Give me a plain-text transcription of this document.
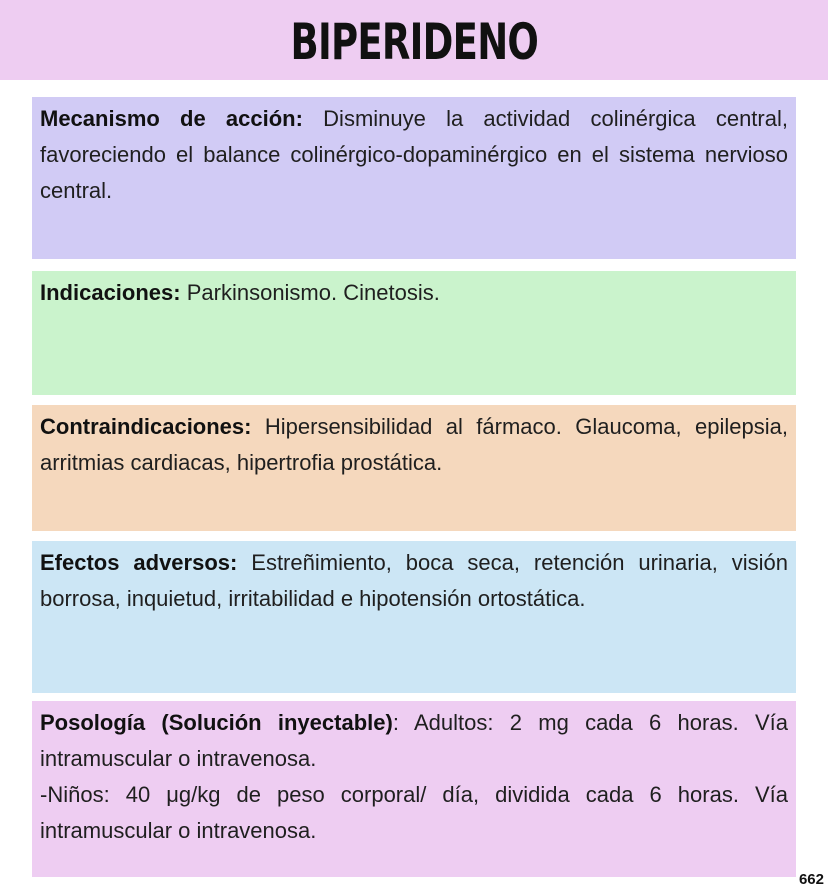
BIPERIDENO
Mecanismo de acción: Disminuye la actividad colinérgica central, favoreciendo el balance colinérgico-dopaminérgico en el sistema nervioso central.
Indicaciones: Parkinsonismo. Cinetosis.
Contraindicaciones: Hipersensibilidad al fármaco. Glaucoma, epilepsia, arritmias cardiacas, hipertrofia prostática.
Efectos adversos: Estreñimiento, boca seca, retención urinaria, visión borrosa, inquietud, irritabilidad e hipotensión ortostática.
Posología (Solución inyectable): Adultos: 2 mg cada 6 horas. Vía intramuscular o intravenosa.
-Niños: 40 μg/kg de peso corporal/ día, dividida cada 6 horas. Vía intramuscular o intravenosa.
662
